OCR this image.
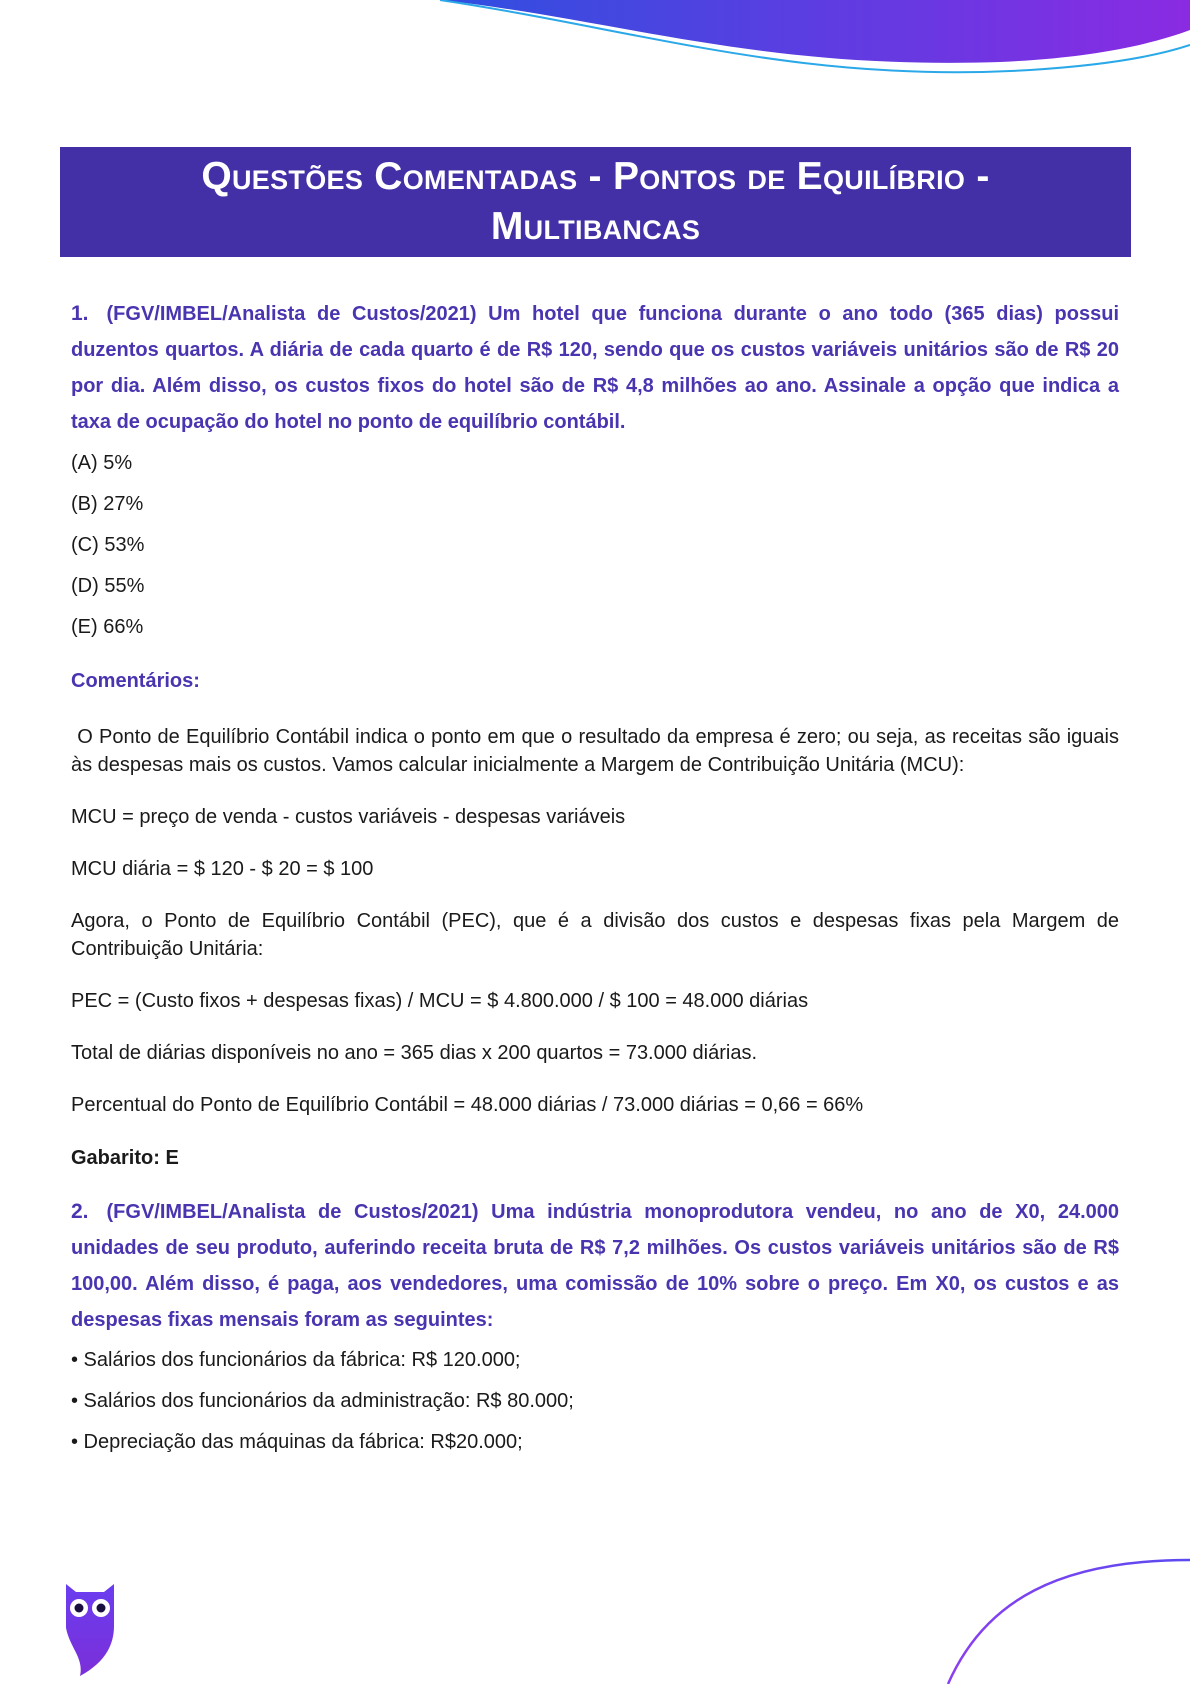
Questões Comentadas - Pontos de Equilíbrio -
Multibancas

1. (FGV/IMBEL/Analista de Custos/2021) Um hotel que funciona durante o ano todo (365 dias) possui duzentos quartos. A diária de cada quarto é de R$ 120, sendo que os custos variáveis unitários são de R$ 20 por dia. Além disso, os custos fixos do hotel são de R$ 4,8 milhões ao ano. Assinale a opção que indica a taxa de ocupação do hotel no ponto de equilíbrio contábil.

(A) 5%

(B) 27%

(C) 53%

(D) 55%

(E) 66%

Comentários:

O Ponto de Equilíbrio Contábil indica o ponto em que o resultado da empresa é zero; ou seja, as receitas são iguais às despesas mais os custos. Vamos calcular inicialmente a Margem de Contribuição Unitária (MCU):

MCU = preço de venda - custos variáveis - despesas variáveis

MCU diária = $ 120 - $ 20 = $ 100

Agora, o Ponto de Equilíbrio Contábil (PEC), que é a divisão dos custos e despesas fixas pela Margem de Contribuição Unitária:

PEC = (Custo fixos + despesas fixas) / MCU = $ 4.800.000 / $ 100 = 48.000 diárias

Total de diárias disponíveis no ano = 365 dias x 200 quartos = 73.000 diárias.

Percentual do Ponto de Equilíbrio Contábil = 48.000 diárias / 73.000 diárias = 0,66 = 66%

Gabarito: E

2. (FGV/IMBEL/Analista de Custos/2021) Uma indústria monoprodutora vendeu, no ano de X0, 24.000 unidades de seu produto, auferindo receita bruta de R$ 7,2 milhões. Os custos variáveis unitários são de R$ 100,00. Além disso, é paga, aos vendedores, uma comissão de 10% sobre o preço. Em X0, os custos e as despesas fixas mensais foram as seguintes:

• Salários dos funcionários da fábrica: R$ 120.000;

• Salários dos funcionários da administração: R$ 80.000;

• Depreciação das máquinas da fábrica: R$20.000;
